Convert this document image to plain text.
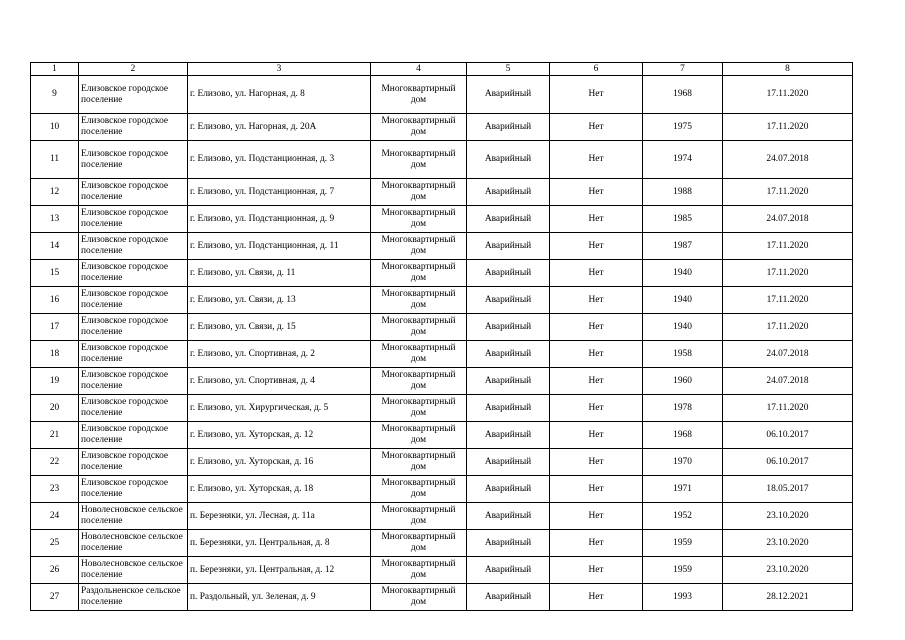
1	2	3	4	5	6	7	8
9	Елизовское городское поселение	г. Елизово, ул. Нагорная, д. 8	Многоквартирный дом	Аварийный	Нет	1968	17.11.2020
10	Елизовское городское поселение	г. Елизово, ул. Нагорная, д. 20А	Многоквартирный дом	Аварийный	Нет	1975	17.11.2020
11	Елизовское городское поселение	г. Елизово, ул. Подстанционная, д. 3	Многоквартирный дом	Аварийный	Нет	1974	24.07.2018
12	Елизовское городское поселение	г. Елизово, ул. Подстанционная, д. 7	Многоквартирный дом	Аварийный	Нет	1988	17.11.2020
13	Елизовское городское поселение	г. Елизово, ул. Подстанционная, д. 9	Многоквартирный дом	Аварийный	Нет	1985	24.07.2018
14	Елизовское городское поселение	г. Елизово, ул. Подстанционная, д. 11	Многоквартирный дом	Аварийный	Нет	1987	17.11.2020
15	Елизовское городское поселение	г. Елизово, ул. Связи, д. 11	Многоквартирный дом	Аварийный	Нет	1940	17.11.2020
16	Елизовское городское поселение	г. Елизово, ул. Связи, д. 13	Многоквартирный дом	Аварийный	Нет	1940	17.11.2020
17	Елизовское городское поселение	г. Елизово, ул. Связи, д. 15	Многоквартирный дом	Аварийный	Нет	1940	17.11.2020
18	Елизовское городское поселение	г. Елизово, ул. Спортивная, д. 2	Многоквартирный дом	Аварийный	Нет	1958	24.07.2018
19	Елизовское городское поселение	г. Елизово, ул. Спортивная, д. 4	Многоквартирный дом	Аварийный	Нет	1960	24.07.2018
20	Елизовское городское поселение	г. Елизово, ул. Хирургическая, д. 5	Многоквартирный дом	Аварийный	Нет	1978	17.11.2020
21	Елизовское городское поселение	г. Елизово, ул. Хуторская, д. 12	Многоквартирный дом	Аварийный	Нет	1968	06.10.2017
22	Елизовское городское поселение	г. Елизово, ул. Хуторская, д. 16	Многоквартирный дом	Аварийный	Нет	1970	06.10.2017
23	Елизовское городское поселение	г. Елизово, ул. Хуторская, д. 18	Многоквартирный дом	Аварийный	Нет	1971	18.05.2017
24	Новолесновское сельское поселение	п. Березняки, ул. Лесная, д. 11а	Многоквартирный дом	Аварийный	Нет	1952	23.10.2020
25	Новолесновское сельское поселение	п. Березняки, ул. Центральная, д. 8	Многоквартирный дом	Аварийный	Нет	1959	23.10.2020
26	Новолесновское сельское поселение	п. Березняки, ул. Центральная, д. 12	Многоквартирный дом	Аварийный	Нет	1959	23.10.2020
27	Раздольненское сельское поселение	п. Раздольный, ул. Зеленая, д. 9	Многоквартирный дом	Аварийный	Нет	1993	28.12.2021
